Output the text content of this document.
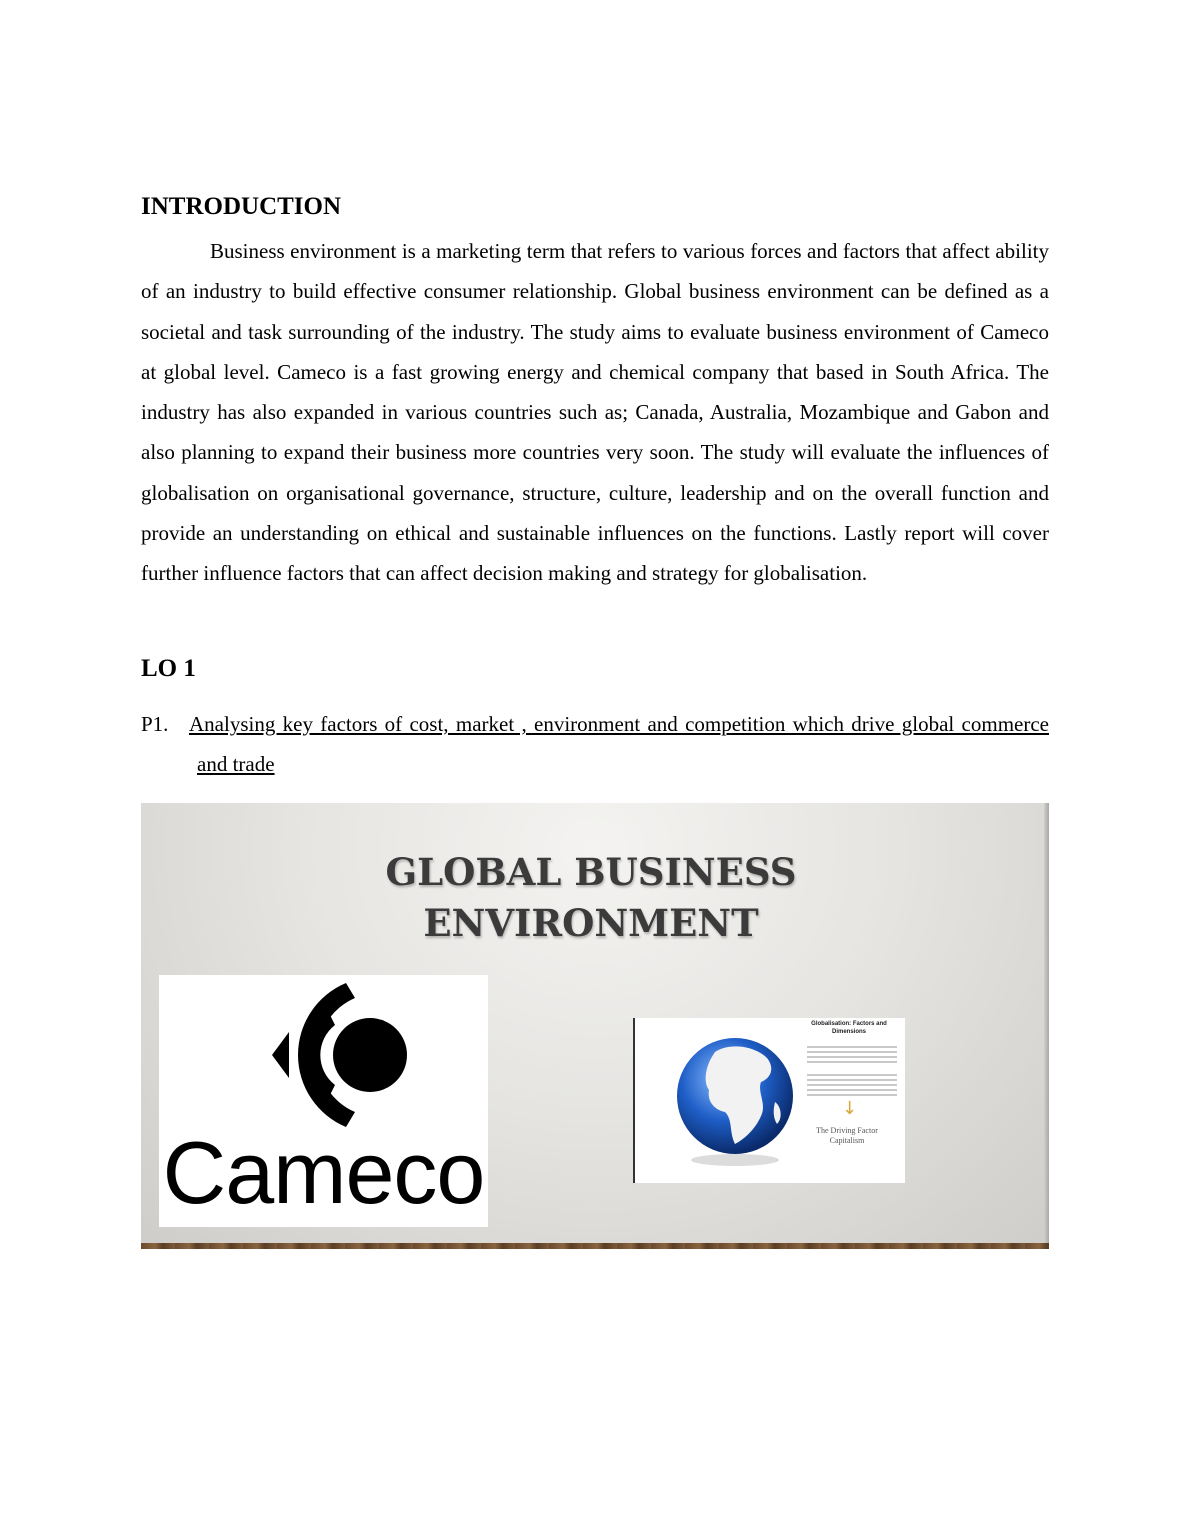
INTRODUCTION

Business environment is a marketing term that refers to various forces and factors that affect ability of an industry to build effective consumer relationship. Global business environment can be defined as a societal and task surrounding of the industry. The study aims to evaluate business environment of Cameco at global level. Cameco is a fast growing energy and chemical company that based in South Africa. The industry has also expanded in various countries such as; Canada, Australia, Mozambique and Gabon and also planning to expand their business more countries very soon. The study will evaluate the influences of globalisation on organisational governance, structure, culture, leadership and on the overall function and provide an understanding on ethical and sustainable influences on the functions. Lastly report will cover further influence factors that can affect decision making and strategy for globalisation.

LO 1

P1. Analysing key factors of cost, market , environment and competition which drive global commerce and trade

GLOBAL BUSINESS
ENVIRONMENT
Cameco
Globalisation: Factors and Dimensions
↓
The Driving Factor Capitalism
